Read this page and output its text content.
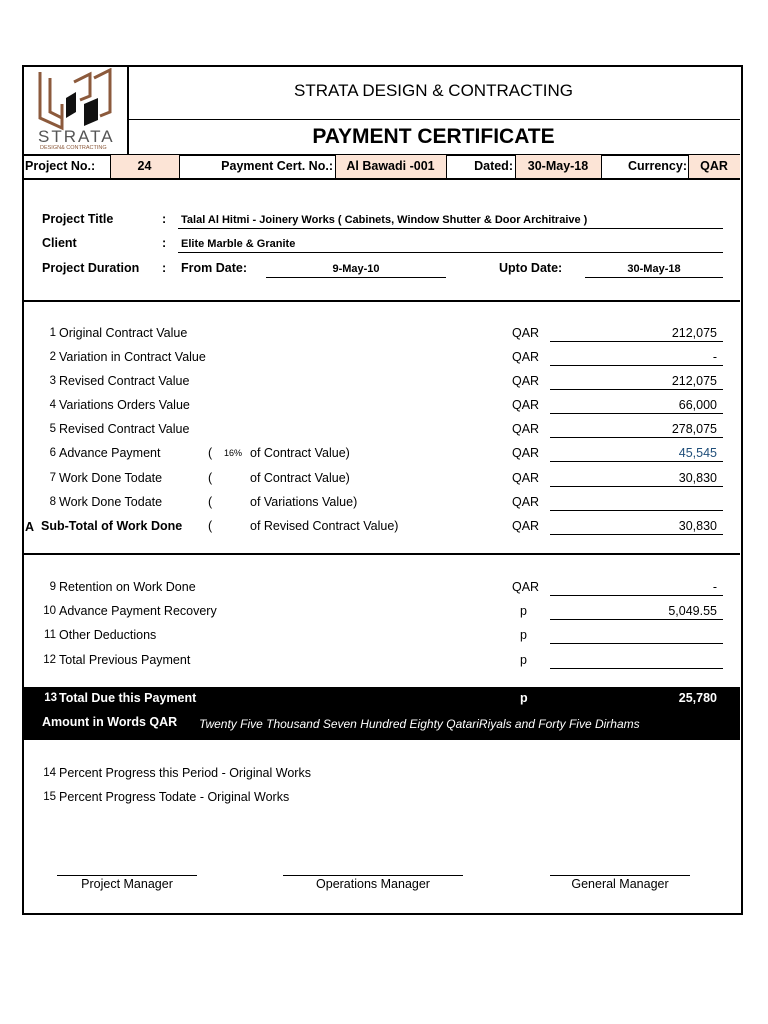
STRATA
DESIGN& CONTRACTING
STRATA DESIGN & CONTRACTING
PAYMENT CERTIFICATE
Project No.:	24	Payment Cert. No.:	Al Bawadi -001	Dated:	30-May-18	Currency:	QAR
Project Title	: Talal Al Hitmi - Joinery Works ( Cabinets, Window Shutter & Door Architraive )
Client	: Elite Marble & Granite
Project Duration : From Date:	9-May-10	Upto Date:	30-May-18
1 Original Contract Value	QAR	212,075
2 Variation in Contract Value	QAR	-
3 Revised Contract Value	QAR	212,075
4 Variations Orders Value	QAR	66,000
5 Revised Contract Value	QAR	278,075
6 Advance Payment	( 16% of Contract Value)	QAR	45,545
7 Work Done Todate	(	of Contract Value)	QAR	30,830
8 Work Done Todate	(	of Variations Value)	QAR
A Sub-Total of Work Done (	of Revised Contract Value)	QAR	30,830
9 Retention on Work Done	QAR	-
10 Advance Payment Recovery	p	5,049.55
11 Other Deductions	p
12 Total Previous Payment	p
13 Total Due this Payment	p	25,780
Amount in Words QAR Twenty Five Thousand Seven Hundred Eighty QatariRiyals and Forty Five Dirhams
14 Percent Progress this Period - Original Works
15 Percent Progress Todate - Original Works
Project Manager	Operations Manager	General Manager
